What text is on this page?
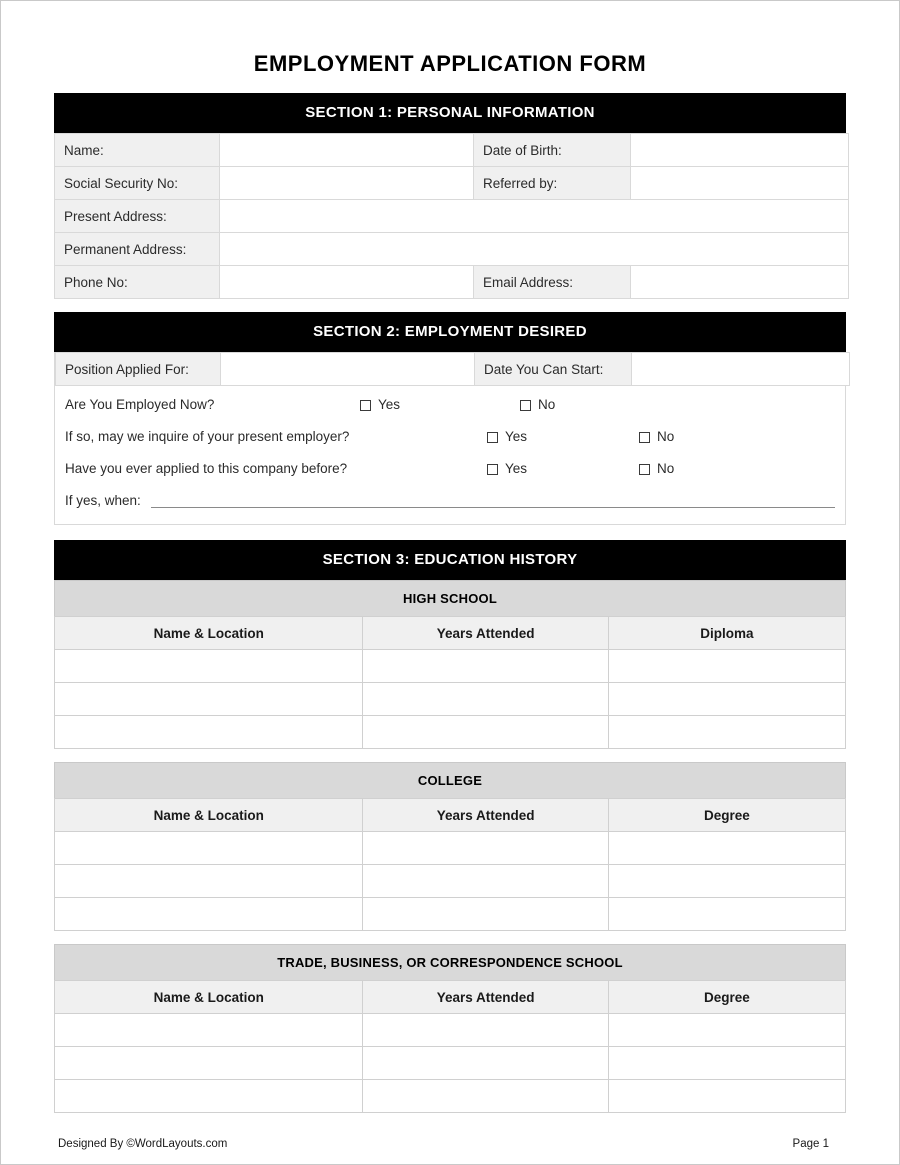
EMPLOYMENT APPLICATION FORM
SECTION 1: PERSONAL INFORMATION
Name:		Date of Birth:	
Social Security No:		Referred by:	
Present Address:			
Permanent Address:			
Phone No:		Email Address:	
SECTION 2: EMPLOYMENT DESIRED
Position Applied For:		Date You Can Start:	
Are You Employed Now?	Yes	No
If so, may we inquire of your present employer?	Yes	No
Have you ever applied to this company before?	Yes	No
If yes, when:
SECTION 3: EDUCATION HISTORY
HIGH SCHOOL
Name & Location	Years Attended	Diploma

COLLEGE
Name & Location	Years Attended	Degree

TRADE, BUSINESS, OR CORRESPONDENCE SCHOOL
Name & Location	Years Attended	Degree

Designed By ©WordLayouts.com	Page 1
